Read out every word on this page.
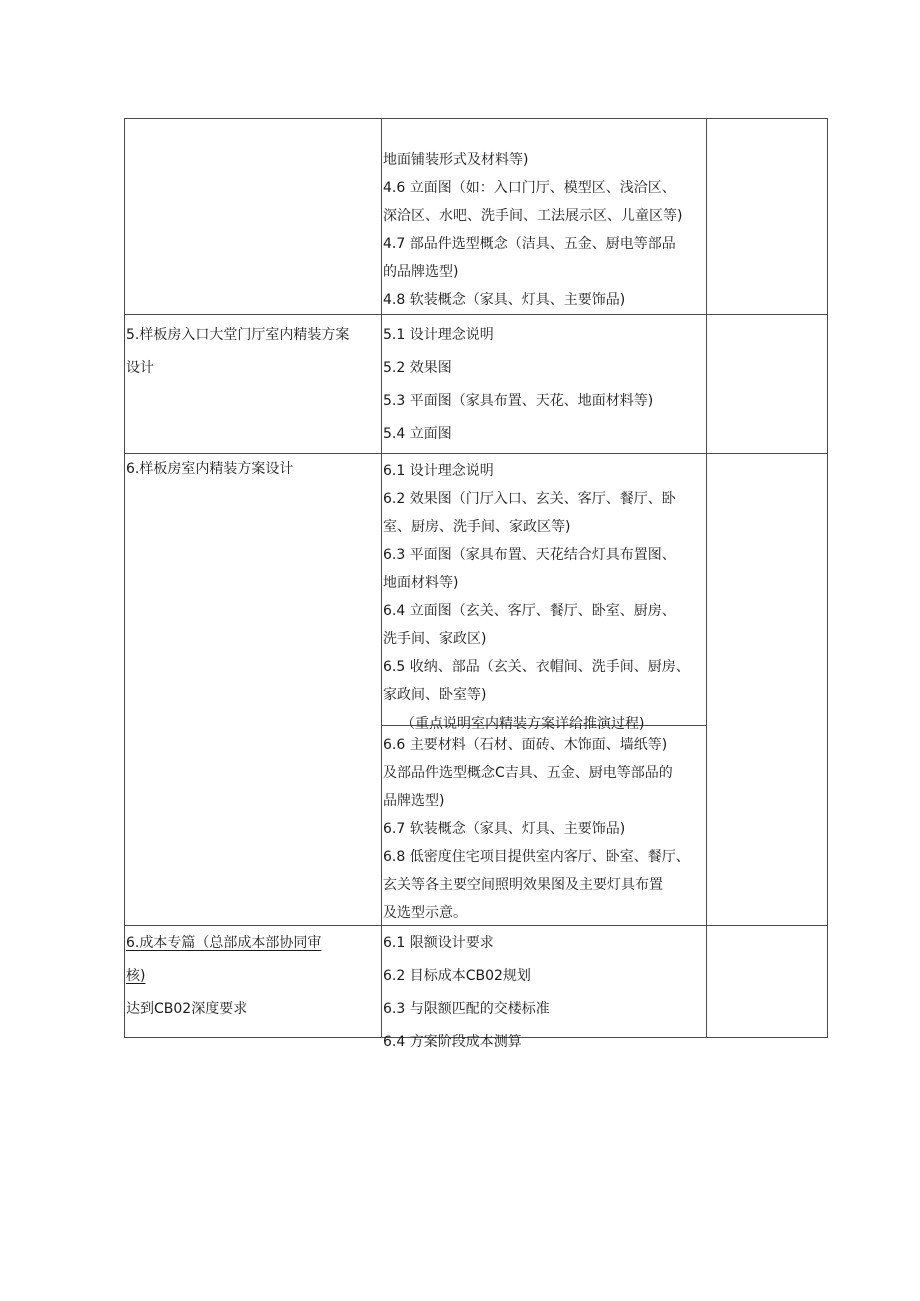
地面铺装形式及材料等)
4.6 立面图（如：入口门厅、模型区、浅洽区、
深洽区、水吧、洗手间、工法展示区、儿童区等)
4.7 部品件选型概念（洁具、五金、厨电等部品
的品牌选型)
4.8 软装概念（家具、灯具、主要饰品)
5.样板房入口大堂门厅室内精装方案
设计
5.1 设计理念说明
5.2 效果图
5.3 平面图（家具布置、天花、地面材料等)
5.4 立面图
6.样板房室内精装方案设计	6.1 设计理念说明
6.2 效果图（门厅入口、玄关、客厅、餐厅、卧
室、厨房、洗手间、家政区等)
6.3 平面图（家具布置、天花结合灯具布置图、
地面材料等)
6.4 立面图（玄关、客厅、餐厅、卧室、厨房、
洗手间、家政区)
6.5 收纳、部品（玄关、衣帽间、洗手间、厨房、
家政间、卧室等)
（重点说明室内精装方案详给推演过程)
6.6 主要材料（石材、面砖、木饰面、墙纸等)
及部品件选型概念C吉具、五金、厨电等部品的
品牌选型)
6.7 软装概念（家具、灯具、主要饰品)
6.8 低密度住宅项目提供室内客厅、卧室、餐厅、
玄关等各主要空间照明效果图及主要灯具布置
及选型示意。
6.成本专篇（总部成本部协同审
核)
达到CB02深度要求
6.1 限额设计要求
6.2 目标成本CB02规划
6.3 与限额匹配的交楼标准
6.4 方案阶段成本测算
